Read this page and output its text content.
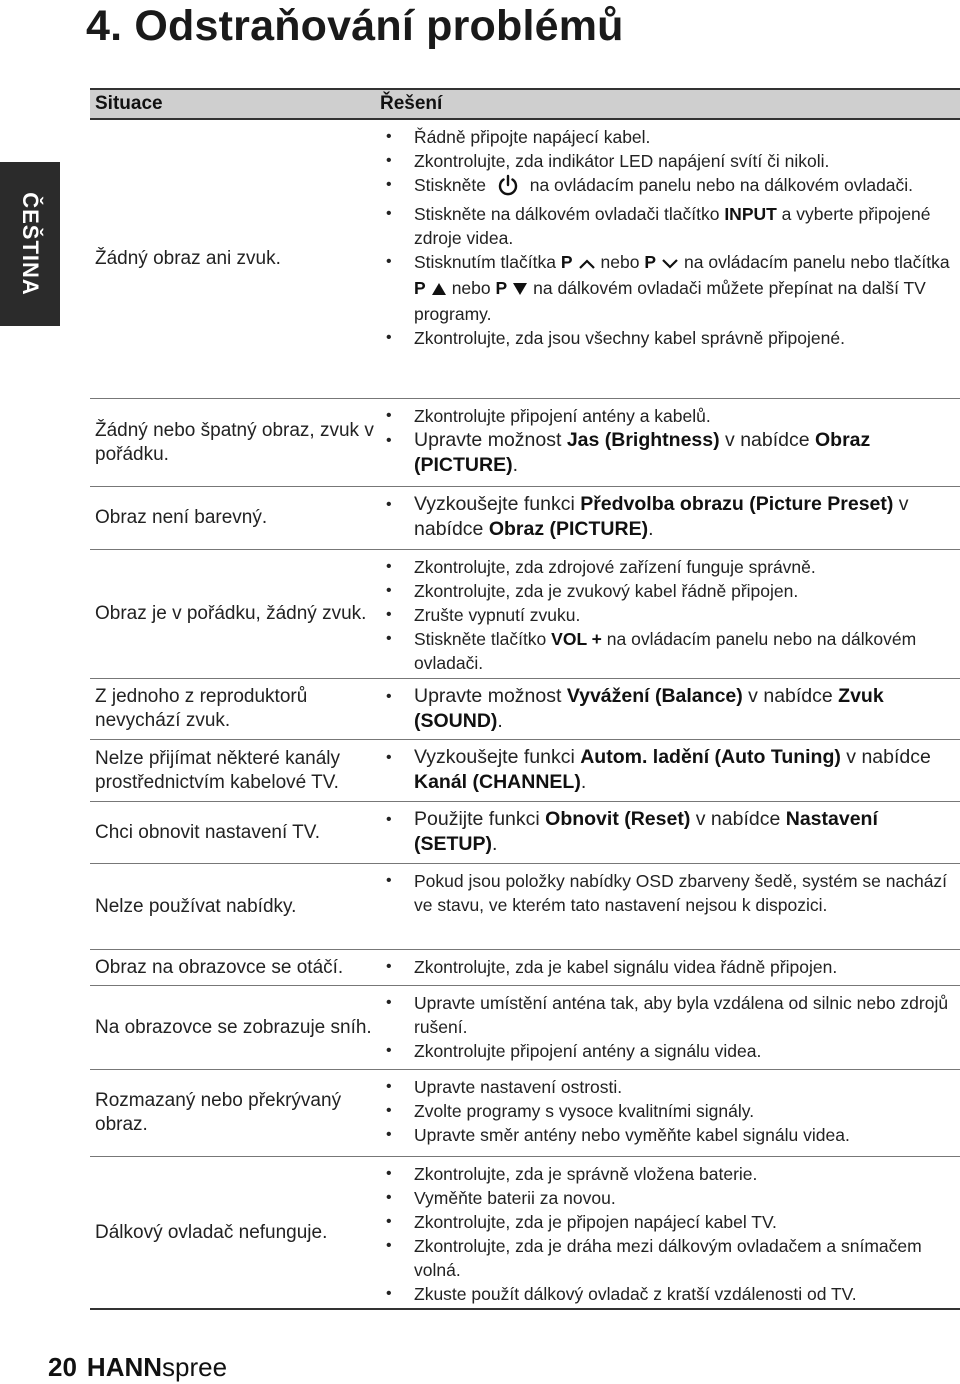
4. Odstraňování problémů
ČEŠTINA
Situace	Řešení
Žádný obraz ani zvuk.
• Řádně připojte napájecí kabel.
• Zkontrolujte, zda indikátor LED napájení svítí či nikoli.
• Stiskněte	na ovládacím panelu nebo na dálkovém ovladači.
• Stiskněte na dálkovém ovladači tlačítko INPUT a vyberte připojené zdroje videa.
• Stisknutím tlačítka P nebo P na ovládacím panelu nebo tlačítka P nebo P na dálkovém ovladači můžete přepínat na další TV programy.
• Zkontrolujte, zda jsou všechny kabel správně připojené.
Žádný nebo špatný obraz, zvuk v pořádku.
• Zkontrolujte připojení antény a kabelů.
• Upravte možnost Jas (Brightness) v nabídce Obraz (PICTURE).
Obraz není barevný.
• Vyzkoušejte funkci Předvolba obrazu (Picture Preset) v nabídce Obraz (PICTURE).
Obraz je v pořádku, žádný zvuk.
• Zkontrolujte, zda zdrojové zařízení funguje správně.
• Zkontrolujte, zda je zvukový kabel řádně připojen.
• Zrušte vypnutí zvuku.
• Stiskněte tlačítko VOL + na ovládacím panelu nebo na dálkovém ovladači.
Z jednoho z reproduktorů nevychází zvuk.
• Upravte možnost Vyvážení (Balance) v nabídce Zvuk (SOUND).
Nelze přijímat některé kanály prostřednictvím kabelové TV.
• Vyzkoušejte funkci Autom. ladění (Auto Tuning) v nabídce Kanál (CHANNEL).
Chci obnovit nastavení TV.
• Použijte funkci Obnovit (Reset) v nabídce Nastavení (SETUP).
Nelze používat nabídky.
• Pokud jsou položky nabídky OSD zbarveny šedě, systém se nachází ve stavu, ve kterém tato nastavení nejsou k dispozici.
Obraz na obrazovce se otáčí.
•	Zkontrolujte, zda je kabel signálu videa řádně připojen.
Na obrazovce se zobrazuje sníh.
• Upravte umístění anténa tak, aby byla vzdálena od silnic nebo zdrojů rušení.
• Zkontrolujte připojení antény a signálu videa.
Rozmazaný nebo překrývaný obraz.
• Upravte nastavení ostrosti.
• Zvolte programy s vysoce kvalitními signály.
• Upravte směr antény nebo vyměňte kabel signálu videa.
Dálkový ovladač nefunguje.
• Zkontrolujte, zda je správně vložena baterie.
• Vyměňte baterii za novou.
• Zkontrolujte, zda je připojen napájecí kabel TV.
• Zkontrolujte, zda je dráha mezi dálkovým ovladačem a snímačem volná.
• Zkuste použít dálkový ovladač z kratší vzdálenosti od TV.
20 HANNspree
